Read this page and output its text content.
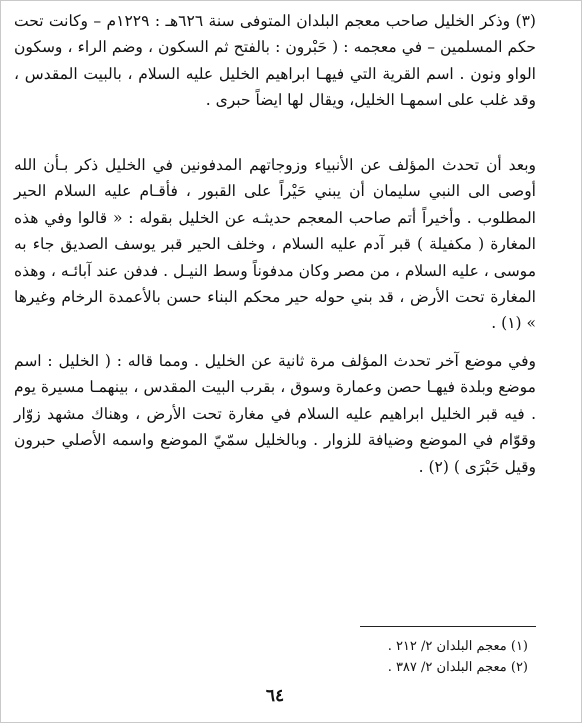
(٣) وذكر الخليل صاحب معجم البلدان المتوفى سنة ٦٢٦هـ : ١٢٢٩م – وكانت تحت حكم المسلمين – في معجمه : ( حَبْرون : بالفتح ثم السكون ، وضم الراء ، وسكون الواو ونون . اسم القرية التي فيهـا ابراهيم الخليل عليه السلام ، بالبيت المقدس ، وقد غلب على اسمهـا الخليل، ويقال لها ايضاً حبرى .

وبعد أن تحدث المؤلف عن الأنبياء وزوجاتهم المدفونين في الخليل ذكر بـأن الله أوصى الى النبي سليمان أن يبني حَيْراً على القبور ، فأقـام عليه السلام الحير المطلوب . وأخيراً أتم صاحب المعجم حديثـه عن الخليل بقوله : « قالوا وفي هذه المغارة ( مكفيلة ) قبر آدم عليه السلام ، وخلف الحير قبر يوسف الصديق جاء به موسى ، عليه السلام ، من مصر وكان مدفوناً وسط النيـل . فدفن عند آبائـه ، وهذه المغارة تحت الأرض ، قد بني حوله حير محكم البناء حسن بالأعمدة الرخام وغيرها » (١) .

وفي موضع آخر تحدث المؤلف مرة ثانية عن الخليل . ومما قاله : ( الخليل : اسم موضع وبلدة فيهـا حصن وعمارة وسوق ، بقرب البيت المقدس ، بينهمـا مسيرة يوم . فيه قبر الخليل ابراهيم عليه السلام في مغارة تحت الأرض ، وهناك مشهد زوّار وقوّام في الموضع وضيافة للزوار . وبالخليل سمّيّ الموضع واسمه الأصلي حبرون وقيل حَبْرَى ) (٢) .

(١) معجم البلدان ٢/ ٢١٢ .

(٢) معجم البلدان ٢/ ٣٨٧ .

٦٤
